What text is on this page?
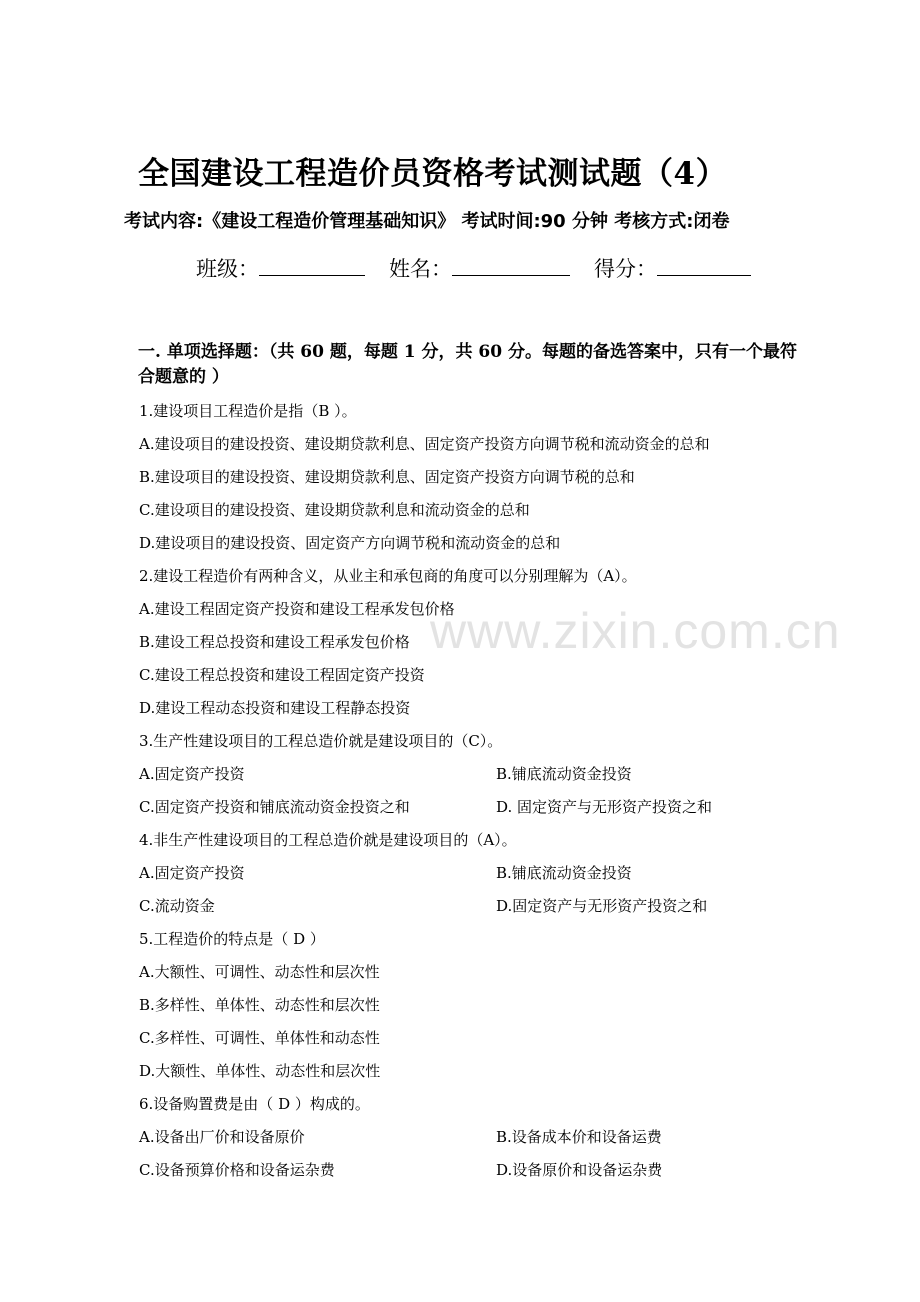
www.zixin.com.cn
全国建设工程造价员资格考试测试题（4）
考试内容:《建设工程造价管理基础知识》 考试时间:90 分钟 考核方式:闭卷
班级：	姓名：	得分：
一. 单项选择题：（共 60 题，每题 1 分，共 60 分。每题的备选答案中，只有一个最符合题意的 ）
1.建设项目工程造价是指（B ）。
A.建设项目的建设投资、建设期贷款利息、固定资产投资方向调节税和流动资金的总和
B.建设项目的建设投资、建设期贷款利息、固定资产投资方向调节税的总和
C.建设项目的建设投资、建设期贷款利息和流动资金的总和
D.建设项目的建设投资、固定资产方向调节税和流动资金的总和
2.建设工程造价有两种含义，从业主和承包商的角度可以分别理解为（A）。
A.建设工程固定资产投资和建设工程承发包价格
B.建设工程总投资和建设工程承发包价格
C.建设工程总投资和建设工程固定资产投资
D.建设工程动态投资和建设工程静态投资
3.生产性建设项目的工程总造价就是建设项目的（C）。
A.固定资产投资	B.铺底流动资金投资
C.固定资产投资和铺底流动资金投资之和	D. 固定资产与无形资产投资之和
4.非生产性建设项目的工程总造价就是建设项目的（A）。
A.固定资产投资	B.铺底流动资金投资
C.流动资金	D.固定资产与无形资产投资之和
5.工程造价的特点是（ D ）
A.大额性、可调性、动态性和层次性
B.多样性、单体性、动态性和层次性
C.多样性、可调性、单体性和动态性
D.大额性、单体性、动态性和层次性
6.设备购置费是由（ D ）构成的。
A.设备出厂价和设备原价	B.设备成本价和设备运费
C.设备预算价格和设备运杂费	D.设备原价和设备运杂费
